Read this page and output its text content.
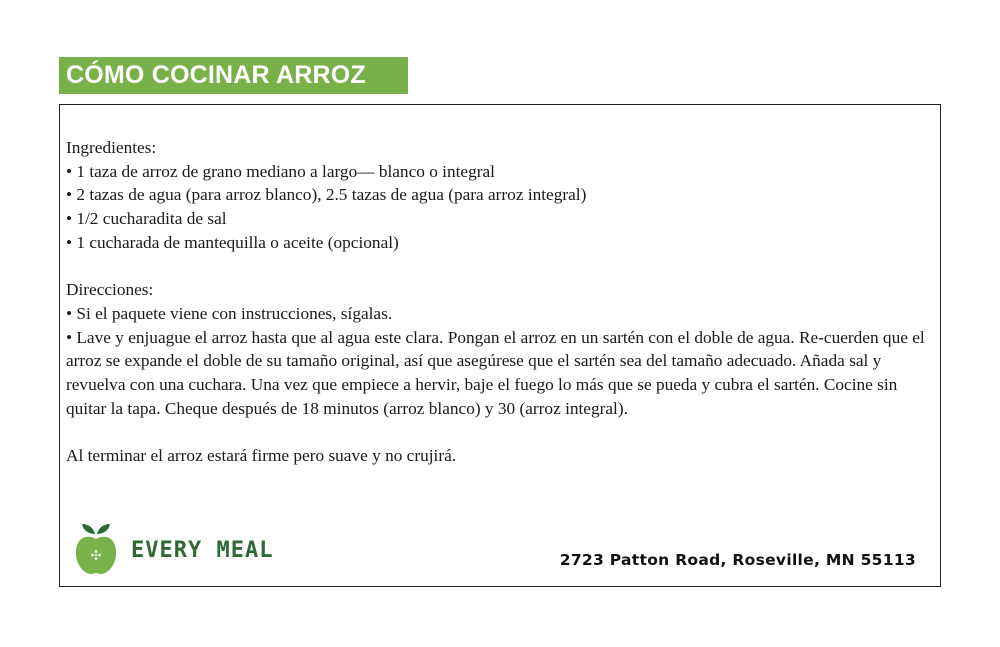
CÓMO COCINAR ARROZ

Ingredientes:

• 1 taza de arroz de grano mediano a largo— blanco o integral

• 2 tazas de agua (para arroz blanco), 2.5 tazas de agua (para arroz integral)

• 1/2 cucharadita de sal

• 1 cucharada de mantequilla o aceite (opcional)

Direcciones:

• Si el paquete viene con instrucciones, sígalas.

• Lave y enjuague el arroz hasta que al agua este clara. Pongan el arroz en un sartén con el doble de agua. Re-cuerden que el arroz se expande el doble de su tamaño original, así que asegúrese que el sartén sea del tamaño adecuado. Añada sal y revuelva con una cuchara. Una vez que empiece a hervir, baje el fuego lo más que se pueda y cubra el sartén. Cocine sin quitar la tapa. Cheque después de 18 minutos (arroz blanco) y 30 (arroz integral).

Al terminar el arroz estará firme pero suave y no crujirá.

EVERY MEAL	2723 Patton Road, Roseville, MN 55113
